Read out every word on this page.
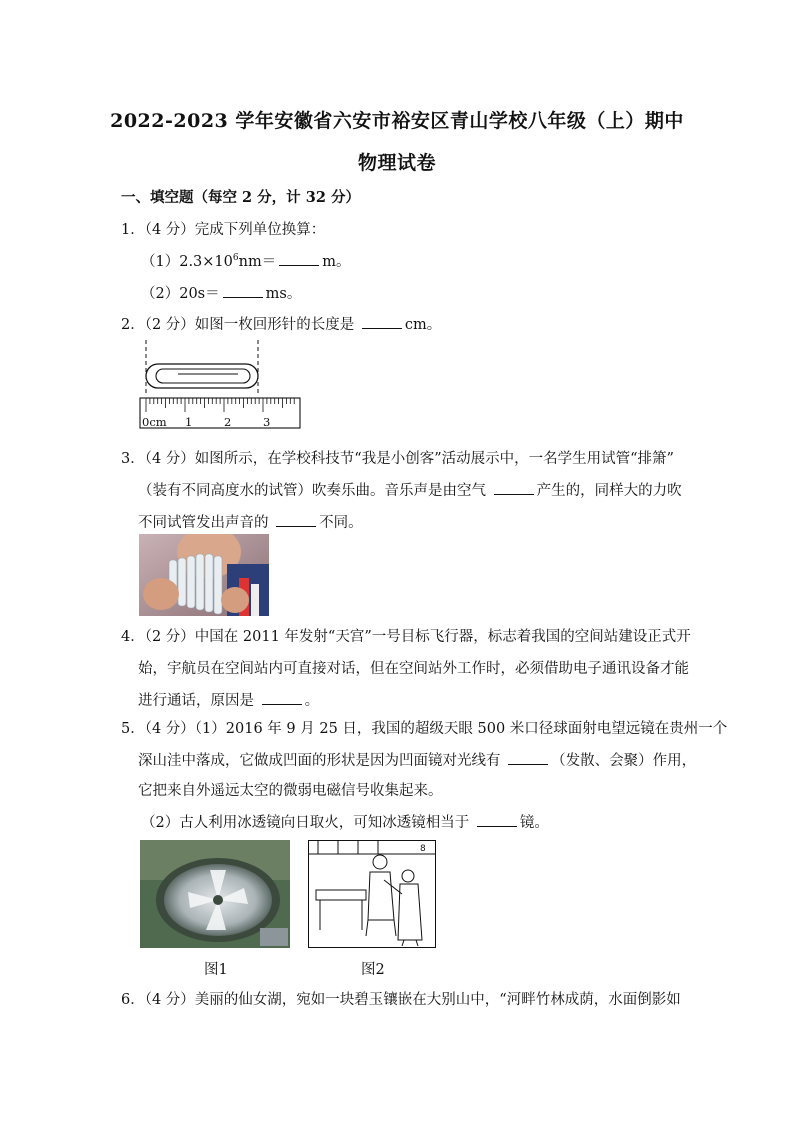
2022-2023 学年安徽省六安市裕安区青山学校八年级（上）期中
物理试卷
一、填空题（每空 2 分，计 32 分）
1．（4 分）完成下列单位换算：
$(1)2.3\times 10^6nm=$	m。
（2）20s＝	ms。
2．（2 分）如图一枚回形针的长度是	cm。
0cm 1	2	3
3．（4 分）如图所示，在学校科技节“我是小创客”活动展示中，一名学生用试管“排箫”
（装有不同高度水的试管）吹奏乐曲。音乐声是由空气	产生的，同样大的力吹
不同试管发出声音的	不同。
4．（2 分）中国在 2011 年发射“天宫”一号目标飞行器，标志着我国的空间站建设正式开
始，宇航员在空间站内可直接对话，但在空间站外工作时，必须借助电子通讯设备才能
进行通话，原因是	。
5．（4 分）（1）2016 年 9 月 25 日，我国的超级天眼 500 米口径球面射电望远镜在贵州一个
深山洼中落成，它做成凹面的形状是因为凹面镜对光线有	（发散、会聚）作用，
它把来自外遥远太空的微弱电磁信号收集起来。
（2）古人利用冰透镜向日取火，可知冰透镜相当于	镜。
8
图1	图2
6．（4 分）美丽的仙女湖，宛如一块碧玉镶嵌在大别山中，“河畔竹林成荫，水面倒影如
